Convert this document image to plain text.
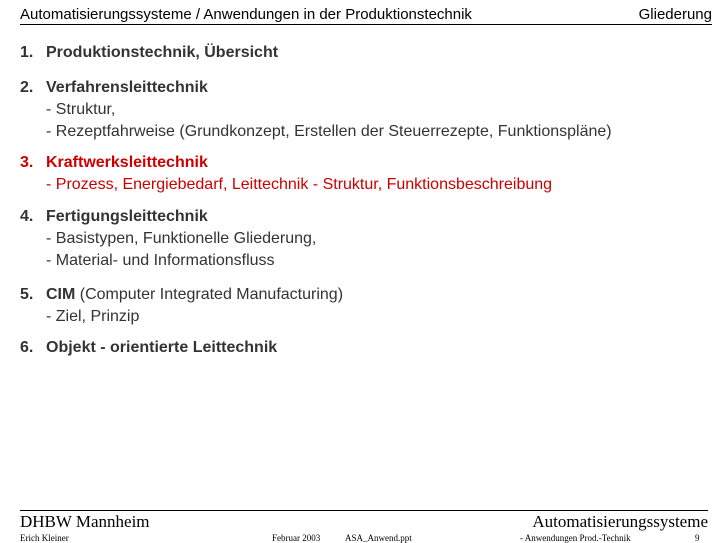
Automatisierungssysteme / Anwendungen in der Produktionstechnik	Gliederung
1. Produktionstechnik, Übersicht
2. Verfahrensleittechnik
- Struktur,
- Rezeptfahrweise (Grundkonzept, Erstellen der Steuerrezepte, Funktionspläne)
3. Kraftwerksleittechnik
- Prozess, Energiebedarf, Leittechnik - Struktur, Funktionsbeschreibung
4. Fertigungsleittechnik
- Basistypen, Funktionelle Gliederung,
- Material- und Informationsfluss
5. CIM (Computer Integrated Manufacturing)
- Ziel, Prinzip
6. Objekt - orientierte Leittechnik
DHBW Mannheim	Automatisierungssysteme
Erich Kleiner	Februar 2003	ASA_Anwend.ppt	- Anwendungen Prod.-Technik	9
